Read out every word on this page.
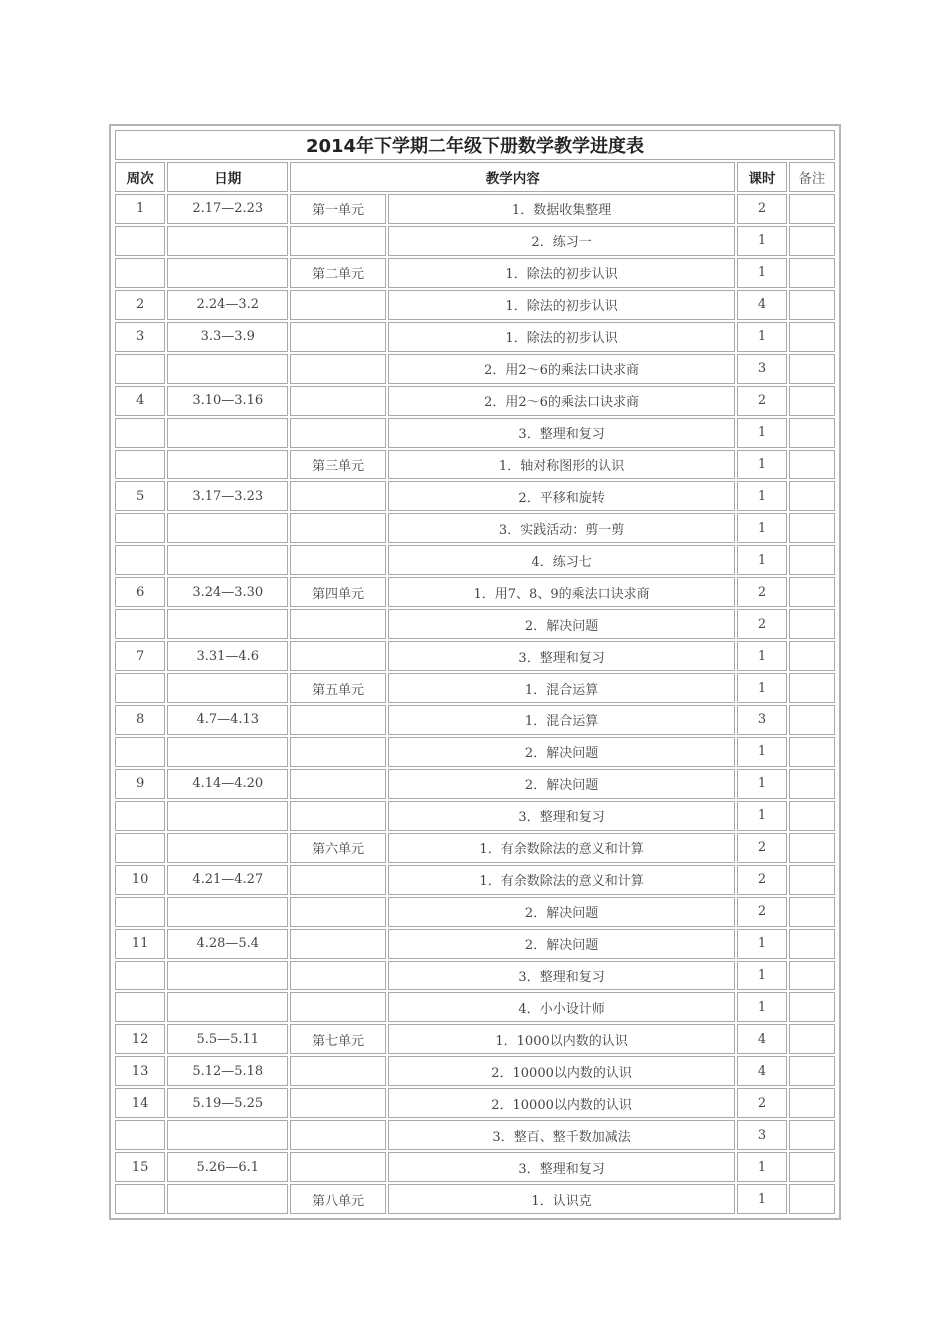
2014年下学期二年级下册数学教学进度表					
周次	日期	教学内容		课时	备注
1	2.17—2.23	第一单元	1．数据收集整理	2	
			2．练习一	1	
		第二单元	1．除法的初步认识	1	
2	2.24—3.2		1．除法的初步认识	4	
3	3.3—3.9		1．除法的初步认识	1	
			2．用2～6的乘法口诀求商	3	
4	3.10—3.16		2．用2～6的乘法口诀求商	2	
			3．整理和复习	1	
		第三单元	1．轴对称图形的认识	1	
5	3.17—3.23		2．平移和旋转	1	
			3．实践活动：剪一剪	1	
			4．练习七	1	
6	3.24—3.30	第四单元	1．用7、8、9的乘法口诀求商	2	
			2．解决问题	2	
7	3.31—4.6		3．整理和复习	1	
		第五单元	1．混合运算	1	
8	4.7—4.13		1．混合运算	3	
			2．解决问题	1	
9	4.14—4.20		2．解决问题	1	
			3．整理和复习	1	
		第六单元	1．有余数除法的意义和计算	2	
10	4.21—4.27		1．有余数除法的意义和计算	2	
			2．解决问题	2	
11	4.28—5.4		2．解决问题	1	
			3．整理和复习	1	
			4．小小设计师	1	
12	5.5—5.11	第七单元	1．1000以内数的认识	4	
13	5.12—5.18		2．10000以内数的认识	4	
14	5.19—5.25		2．10000以内数的认识	2	
			3．整百、整千数加减法	3	
15	5.26—6.1		3．整理和复习	1	
		第八单元	1．认识克	1	
